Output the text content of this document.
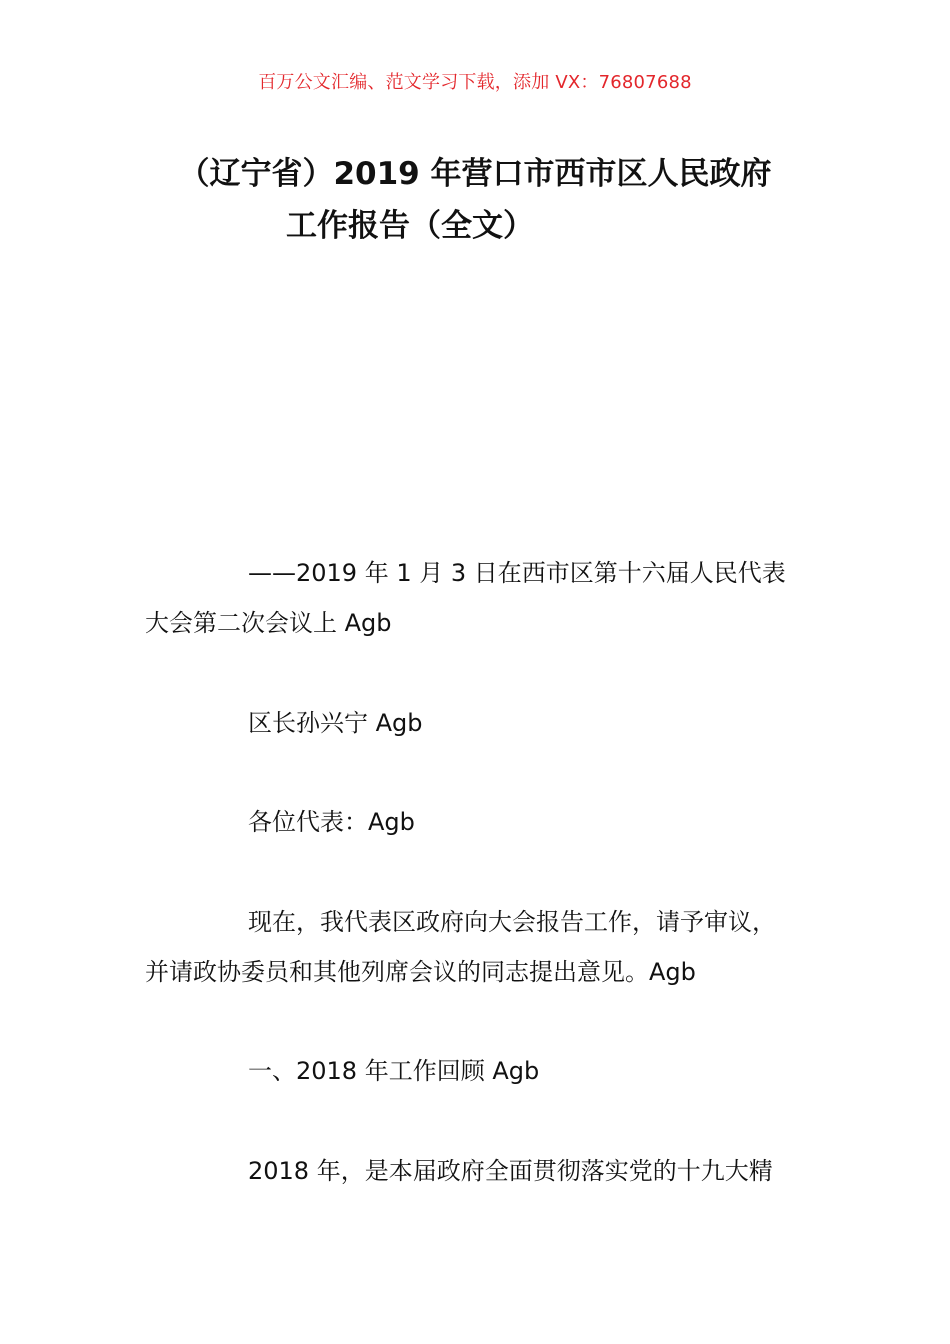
百万公文汇编、范文学习下载，添加 VX：76807688
（辽宁省）2019 年营口市西市区人民政府
工作报告（全文）

——2019 年 1 月 3 日在西市区第十六届人民代表
大会第二次会议上 Agb

区长孙兴宁 Agb

各位代表：Agb

现在，我代表区政府向大会报告工作，请予审议，
并请政协委员和其他列席会议的同志提出意见。Agb

一、2018 年工作回顾 Agb

2018 年，是本届政府全面贯彻落实党的十九大精
